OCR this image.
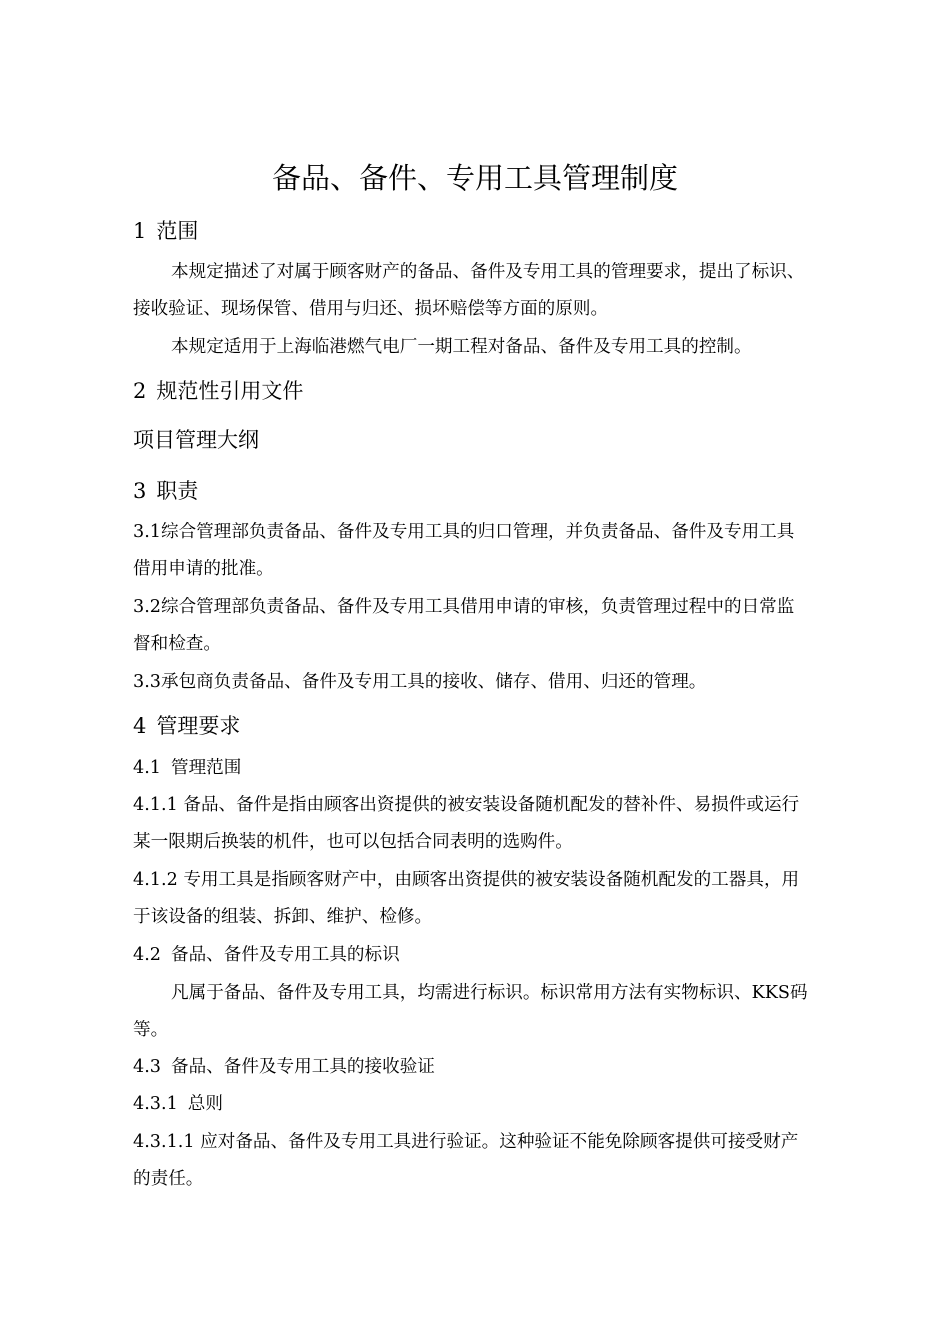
备品、备件、专用工具管理制度
1 范围
本规定描述了对属于顾客财产的备品、备件及专用工具的管理要求，提出了标识、
接收验证、现场保管、借用与归还、损坏赔偿等方面的原则。
本规定适用于上海临港燃气电厂一期工程对备品、备件及专用工具的控制。
2 规范性引用文件
项目管理大纲
3 职责
3.1综合管理部负责备品、备件及专用工具的归口管理，并负责备品、备件及专用工具
借用申请的批准。
3.2综合管理部负责备品、备件及专用工具借用申请的审核，负责管理过程中的日常监
督和检查。
3.3承包商负责备品、备件及专用工具的接收、储存、借用、归还的管理。
4 管理要求
4.1 管理范围
4.1.1 备品、备件是指由顾客出资提供的被安装设备随机配发的替补件、易损件或运行
某一限期后换装的机件，也可以包括合同表明的选购件。
4.1.2 专用工具是指顾客财产中，由顾客出资提供的被安装设备随机配发的工器具，用
于该设备的组装、拆卸、维护、检修。
4.2 备品、备件及专用工具的标识
凡属于备品、备件及专用工具，均需进行标识。标识常用方法有实物标识、KKS码
等。
4.3 备品、备件及专用工具的接收验证
4.3.1 总则
4.3.1.1 应对备品、备件及专用工具进行验证。这种验证不能免除顾客提供可接受财产
的责任。
